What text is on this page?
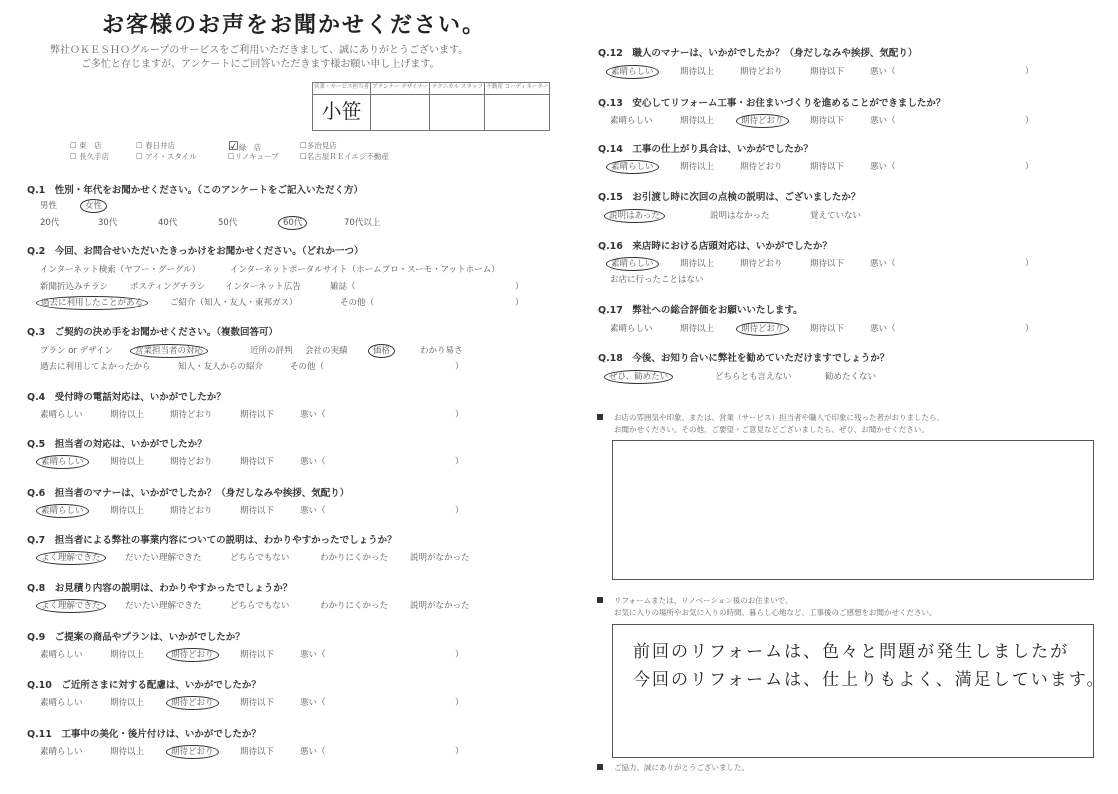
お客様のお声をお聞かせください。
弊社ＯＫＥＳＨＯグループのサービスをご利用いただきまして、誠にありがとうございます。
ご多忙と存じますが、アンケートにご回答いただきます様お願い申し上げます。
営業・サービス担当者	プランナー デザイナー	テクニカル スタッフ	不動産 コーディネーター
小笹			
☐ 東　店	☐ 春日井店	☑緑　店	☐多治見店
☐ 長久手店	☐ アイ・スタイル	☐リノキューブ	☐名古屋ＲＥイエジ不動産
Q.1　性別・年代をお聞かせください。（このアンケートをご記入いただく方）
男性	女性
20代	30代	40代	50代	60代	70代以上
Q.2　今回、お問合せいただいたきっかけをお聞かせください。（どれか一つ）
インターネット検索（ヤフー・グーグル）	インターネットポータルサイト（ホームプロ・スーモ・アットホーム）
新聞折込みチラシ	ポスティングチラシ インターネット広告	雑誌（	）
過去に利用したことがある	ご紹介（知人・友人・東邦ガス）	その他（	）
Q.3　ご契約の決め手をお聞かせください。（複数回答可）
プラン or デザイン	営業担当者の対応	近所の評判 会社の実績	価格	わかり易さ
過去に利用してよかったから	知人・友人からの紹介	その他（	）
Q.4　受付時の電話対応は、いかがでしたか？
素晴らしい	期待以上	期待どおり	期待以下	悪い（	）
Q.5　担当者の対応は、いかがでしたか？
素晴らしい	期待以上	期待どおり	期待以下	悪い（	）
Q.6　担当者のマナーは、いかがでしたか？（身だしなみや挨拶、気配り）
素晴らしい	期待以上	期待どおり	期待以下	悪い（	）
Q.7　担当者による弊社の事業内容についての説明は、わかりやすかったでしょうか？
よく理解できた	だいたい理解できた	どちらでもない	わかりにくかった	説明がなかった
Q.8　お見積り内容の説明は、わかりやすかったでしょうか？
よく理解できた	だいたい理解できた	どちらでもない	わかりにくかった	説明がなかった
Q.9　ご提案の商品やプランは、いかがでしたか？
素晴らしい	期待以上	期待どおり	期待以下	悪い（	）
Q.10　ご近所さまに対する配慮は、いかがでしたか？
素晴らしい	期待以上	期待どおり	期待以下	悪い（	）
Q.11　工事中の美化・後片付けは、いかがでしたか？
素晴らしい	期待以上	期待どおり	期待以下	悪い（	）
Q.12　職人のマナーは、いかがでしたか？（身だしなみや挨拶、気配り）
素晴らしい	期待以上	期待どおり	期待以下	悪い（	）
Q.13　安心してリフォーム工事・お住まいづくりを進めることができましたか？
素晴らしい	期待以上	期待どおり	期待以下	悪い（	）
Q.14　工事の仕上がり具合は、いかがでしたか？
素晴らしい	期待以上	期待どおり	期待以下	悪い（	）
Q.15　お引渡し時に次回の点検の説明は、ございましたか？
説明はあった	説明はなかった	覚えていない
Q.16　来店時における店頭対応は、いかがでしたか？
素晴らしい	期待以上	期待どおり	期待以下	悪い（	）
お店に行ったことはない
Q.17　弊社への総合評価をお願いいたします。
素晴らしい	期待以上	期待どおり	期待以下	悪い（	）
Q.18　今後、お知り合いに弊社を勧めていただけますでしょうか？
ぜひ、勧めたい	どちらとも言えない	勧めたくない
お店の雰囲気や印象、または、営業（サービス）担当者や職人で印象に残った者がおりましたら、
お聞かせください。その他、ご要望・ご意見などございましたら、ぜひ、お聞かせください。
リフォームまたは、リノベーション後のお住まいで、
お気に入りの場所やお気に入りの時間、暮らし心地など、工事後のご感想をお聞かせください。
前回のリフォームは、色々と問題が発生しましたが
今回のリフォームは、仕上りもよく、満足しています。
ご協力、誠にありがとうございました。
